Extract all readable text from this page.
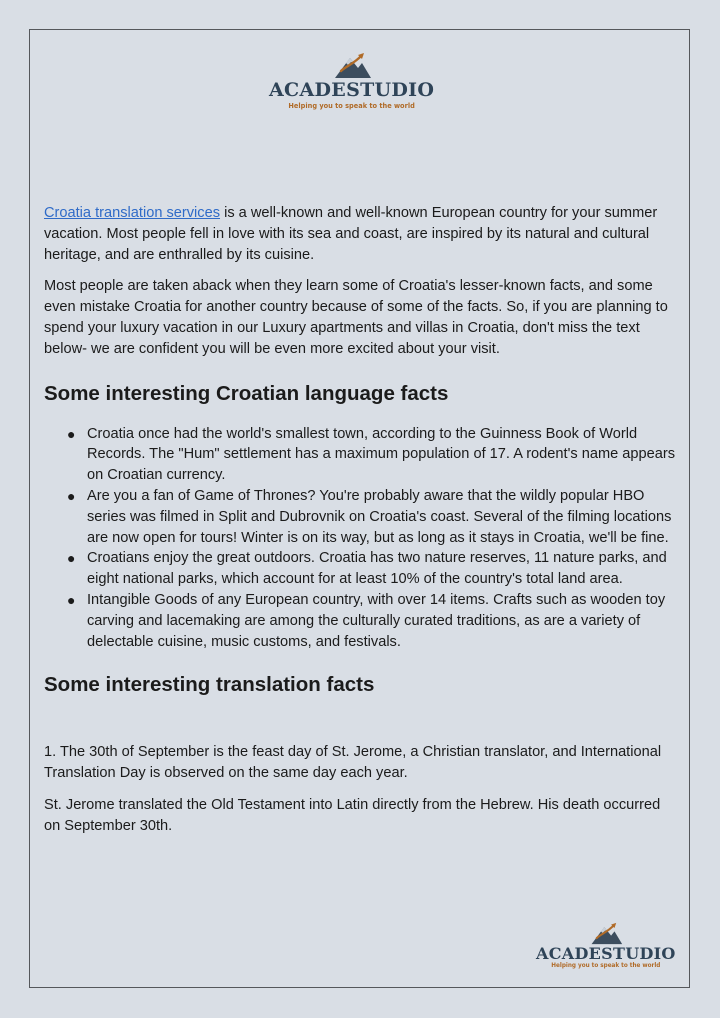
ACADESTUDIO
Helping you to speak to the world

Croatia translation services is a well-known and well-known European country for your summer vacation. Most people fell in love with its sea and coast, are inspired by its natural and cultural heritage, and are enthralled by its cuisine.

Most people are taken aback when they learn some of Croatia's lesser-known facts, and some even mistake Croatia for another country because of some of the facts. So, if you are planning to spend your luxury vacation in our Luxury apartments and villas in Croatia, don't miss the text below- we are confident you will be even more excited about your visit.

Some interesting Croatian language facts
● Croatia once had the world's smallest town, according to the Guinness Book of World Records. The "Hum" settlement has a maximum population of 17. A rodent's name appears on Croatian currency.
● Are you a fan of Game of Thrones? You're probably aware that the wildly popular HBO series was filmed in Split and Dubrovnik on Croatia's coast. Several of the filming locations are now open for tours! Winter is on its way, but as long as it stays in Croatia, we'll be fine.
● Croatians enjoy the great outdoors. Croatia has two nature reserves, 11 nature parks, and eight national parks, which account for at least 10% of the country's total land area.
● Intangible Goods of any European country, with over 14 items. Crafts such as wooden toy carving and lacemaking are among the culturally curated traditions, as are a variety of delectable cuisine, music customs, and festivals.
Some interesting translation facts

1. The 30th of September is the feast day of St. Jerome, a Christian translator, and International Translation Day is observed on the same day each year.

St. Jerome translated the Old Testament into Latin directly from the Hebrew. His death occurred on September 30th.

ACADESTUDIO
Helping you to speak to the world
